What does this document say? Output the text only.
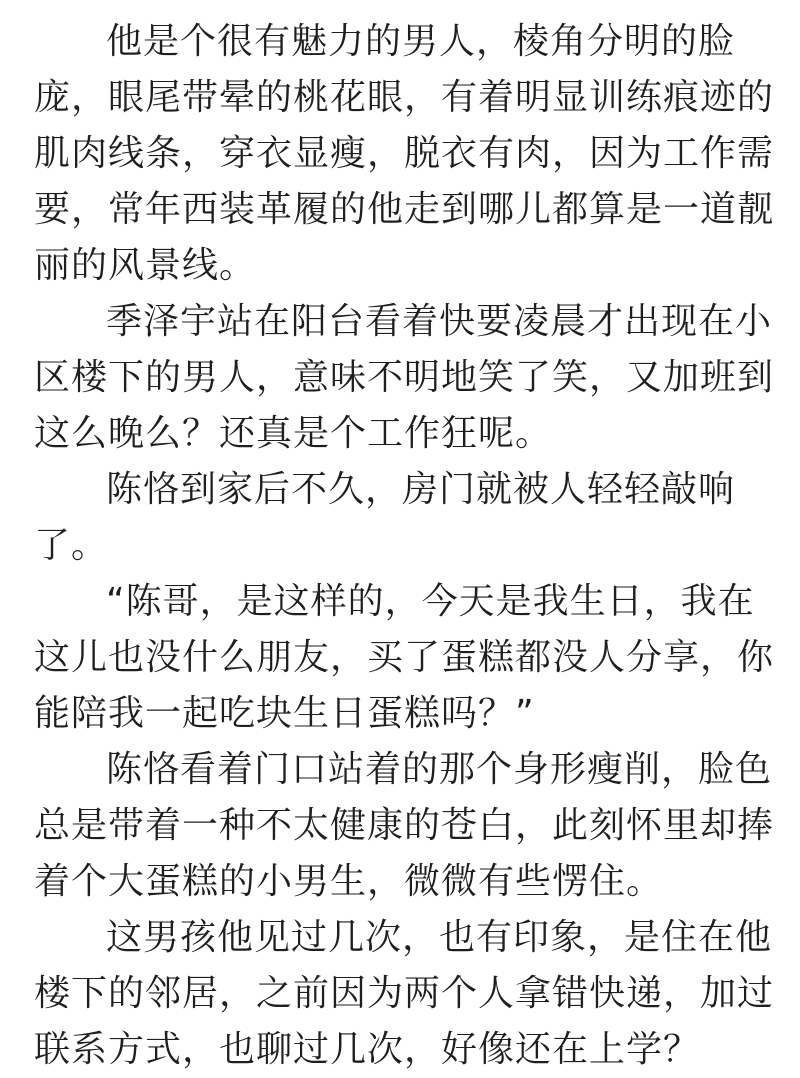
他是个很有魅力的男人，棱角分明的脸庞，眼尾带晕的桃花眼，有着明显训练痕迹的肌肉线条，穿衣显瘦，脱衣有肉，因为工作需要，常年西装革履的他走到哪儿都算是一道靓丽的风景线。

季泽宇站在阳台看着快要凌晨才出现在小区楼下的男人，意味不明地笑了笑，又加班到这么晚么？还真是个工作狂呢。

陈恪到家后不久，房门就被人轻轻敲响了。

“陈哥，是这样的，今天是我生日，我在这儿也没什么朋友，买了蛋糕都没人分享，你能陪我一起吃块生日蛋糕吗？”

陈恪看着门口站着的那个身形瘦削，脸色总是带着一种不太健康的苍白，此刻怀里却捧着个大蛋糕的小男生，微微有些愣住。

这男孩他见过几次，也有印象，是住在他楼下的邻居，之前因为两个人拿错快递，加过联系方式，也聊过几次，好像还在上学？
